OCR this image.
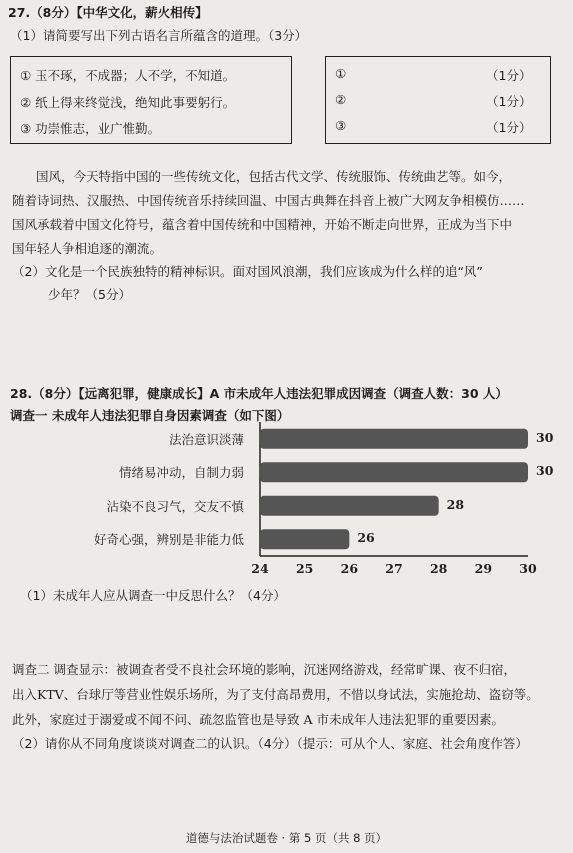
27.（8分）【中华文化，薪火相传】
（1）请简要写出下列古语名言所蕴含的道理。（3分）
① 玉不琢，不成器；人不学，不知道。
② 纸上得来终觉浅，绝知此事要躬行。
③ 功崇惟志，业广惟勤。
①	（1分）
②	（1分）
③	（1分）
国风，今天特指中国的一些传统文化，包括古代文学、传统服饰、传统曲艺等。如今，
随着诗词热、汉服热、中国传统音乐持续回温、中国古典舞在抖音上被广大网友争相模仿……
国风承载着中国文化符号，蕴含着中国传统和中国精神，开始不断走向世界，正成为当下中
国年轻人争相追逐的潮流。
（2）文化是一个民族独特的精神标识。面对国风浪潮，我们应该成为什么样的追“风”
少年？（5分）
28.（8分）【远离犯罪，健康成长】A 市未成年人违法犯罪成因调查（调查人数：30 人）
调查一 未成年人违法犯罪自身因素调查（如下图）
24 25 26 27 28 29 30
法治意识淡薄	30
情绪易冲动，自制力弱	30
沾染不良习气，交友不慎	28
好奇心强，辨别是非能力低	26
（1）未成年人应从调查一中反思什么？（4分）
调查二 调查显示：被调查者受不良社会环境的影响，沉迷网络游戏，经常旷课、夜不归宿，
出入KTV、台球厅等营业性娱乐场所，为了支付高昂费用，不惜以身试法，实施抢劫、盗窃等。
此外，家庭过于溺爱或不闻不问、疏忽监管也是导致 A 市未成年人违法犯罪的重要因素。
（2）请你从不同角度谈谈对调查二的认识。（4分）（提示：可从个人、家庭、社会角度作答）
道德与法治试题卷 · 第 5 页（共 8 页）
